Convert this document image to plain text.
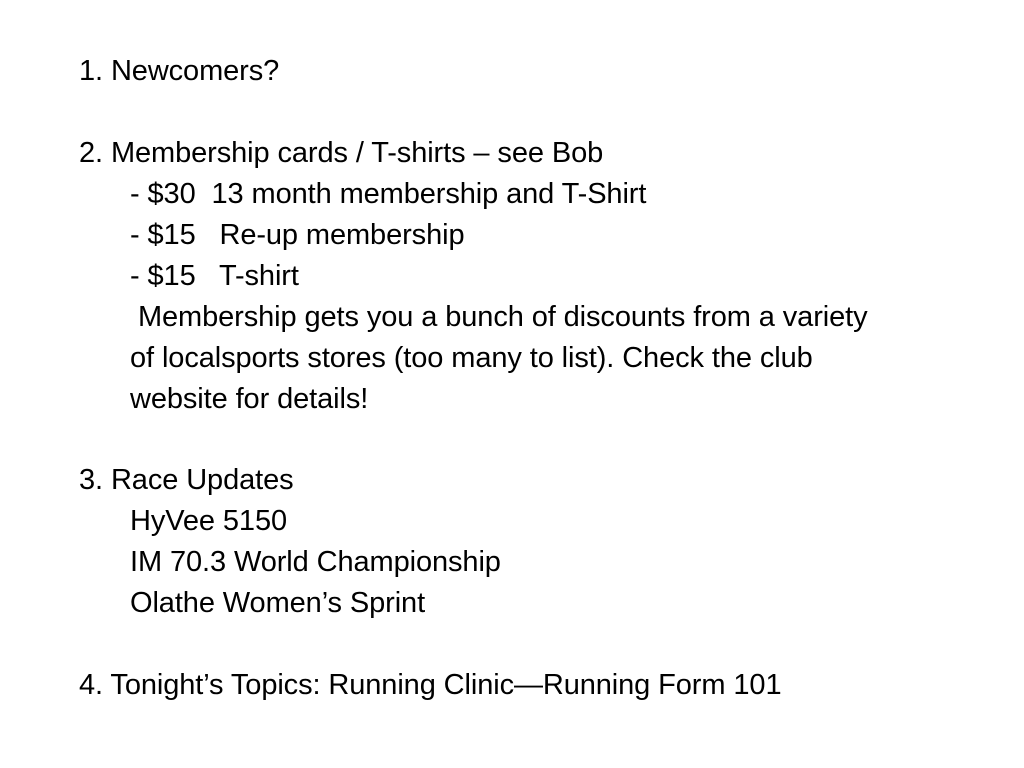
1. Newcomers?
2. Membership cards / T-shirts – see Bob
- $30  13 month membership and T-Shirt
- $15   Re-up membership
- $15   T-shirt
Membership gets you a bunch of discounts from a variety
of localsports stores (too many to list). Check the club
website for details!
3. Race Updates
HyVee 5150
IM 70.3 World Championship
Olathe Women’s Sprint
4. Tonight’s Topics: Running Clinic—Running Form 101
